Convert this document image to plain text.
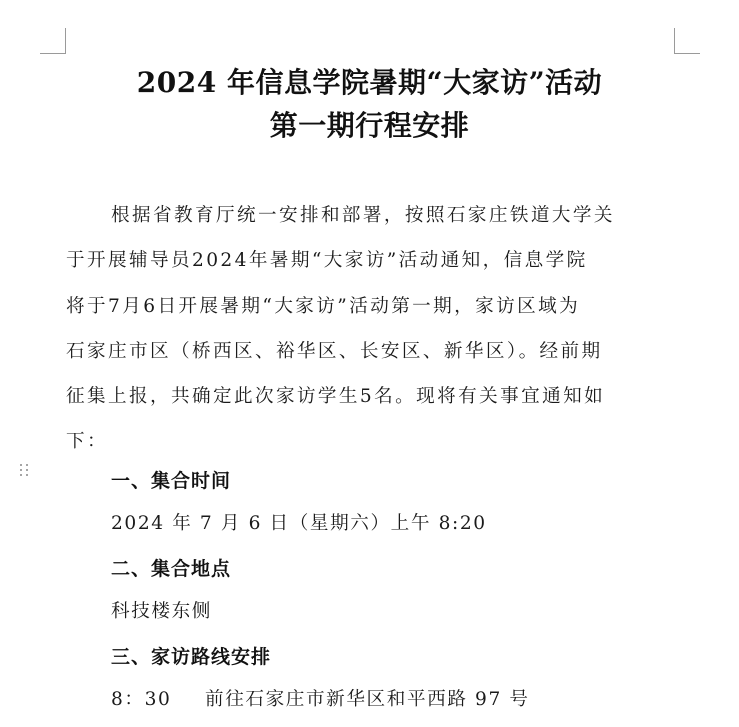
2024 年信息学院暑期“大家访”活动
第一期行程安排
根据省教育厅统一安排和部署，按照石家庄铁道大学关
于开展辅导员2024年暑期“大家访”活动通知，信息学院
将于7月6日开展暑期“大家访”活动第一期，家访区域为
石家庄市区（桥西区、裕华区、长安区、新华区）。经前期
征集上报，共确定此次家访学生5名。现将有关事宜通知如
下：
一、集合时间
2024 年 7 月 6 日（星期六）上午 8:20
二、集合地点
科技楼东侧
三、家访路线安排
8：30 前往石家庄市新华区和平西路 97 号
